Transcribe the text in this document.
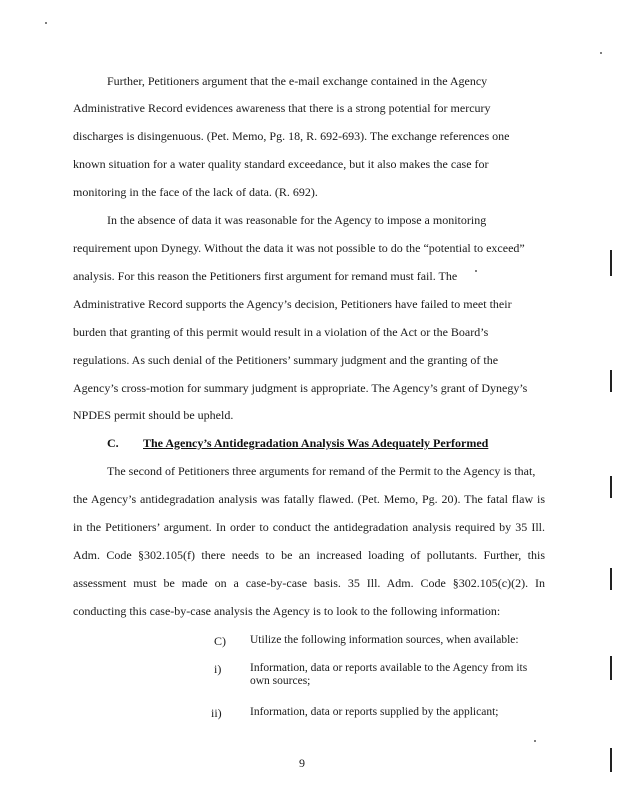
Further, Petitioners argument that the e-mail exchange contained in the Agency
Administrative Record evidences awareness that there is a strong potential for mercury
discharges is disingenuous. (Pet. Memo, Pg. 18, R. 692-693). The exchange references one
known situation for a water quality standard exceedance, but it also makes the case for
monitoring in the face of the lack of data. (R. 692).
In the absence of data it was reasonable for the Agency to impose a monitoring
requirement upon Dynegy. Without the data it was not possible to do the “potential to exceed”
analysis. For this reason the Petitioners first argument for remand must fail. The
Administrative Record supports the Agency’s decision, Petitioners have failed to meet their
burden that granting of this permit would result in a violation of the Act or the Board’s
regulations. As such denial of the Petitioners’ summary judgment and the granting of the
Agency’s cross-motion for summary judgment is appropriate. The Agency’s grant of Dynegy’s
NPDES permit should be upheld.
C. The Agency’s Antidegradation Analysis Was Adequately Performed
The second of Petitioners three arguments for remand of the Permit to the Agency is that,
the Agency’s antidegradation analysis was fatally flawed. (Pet. Memo, Pg. 20). The fatal flaw is
in the Petitioners’ argument. In order to conduct the antidegradation analysis required by 35 Ill.
Adm. Code §302.105(f) there needs to be an increased loading of pollutants. Further, this
assessment must be made on a case-by-case basis. 35 Ill. Adm. Code §302.105(c)(2). In
conducting this case-by-case analysis the Agency is to look to the following information:
C) Utilize the following information sources, when available:
i) Information, data or reports available to the Agency from its own sources;
ii) Information, data or reports supplied by the applicant;
9
